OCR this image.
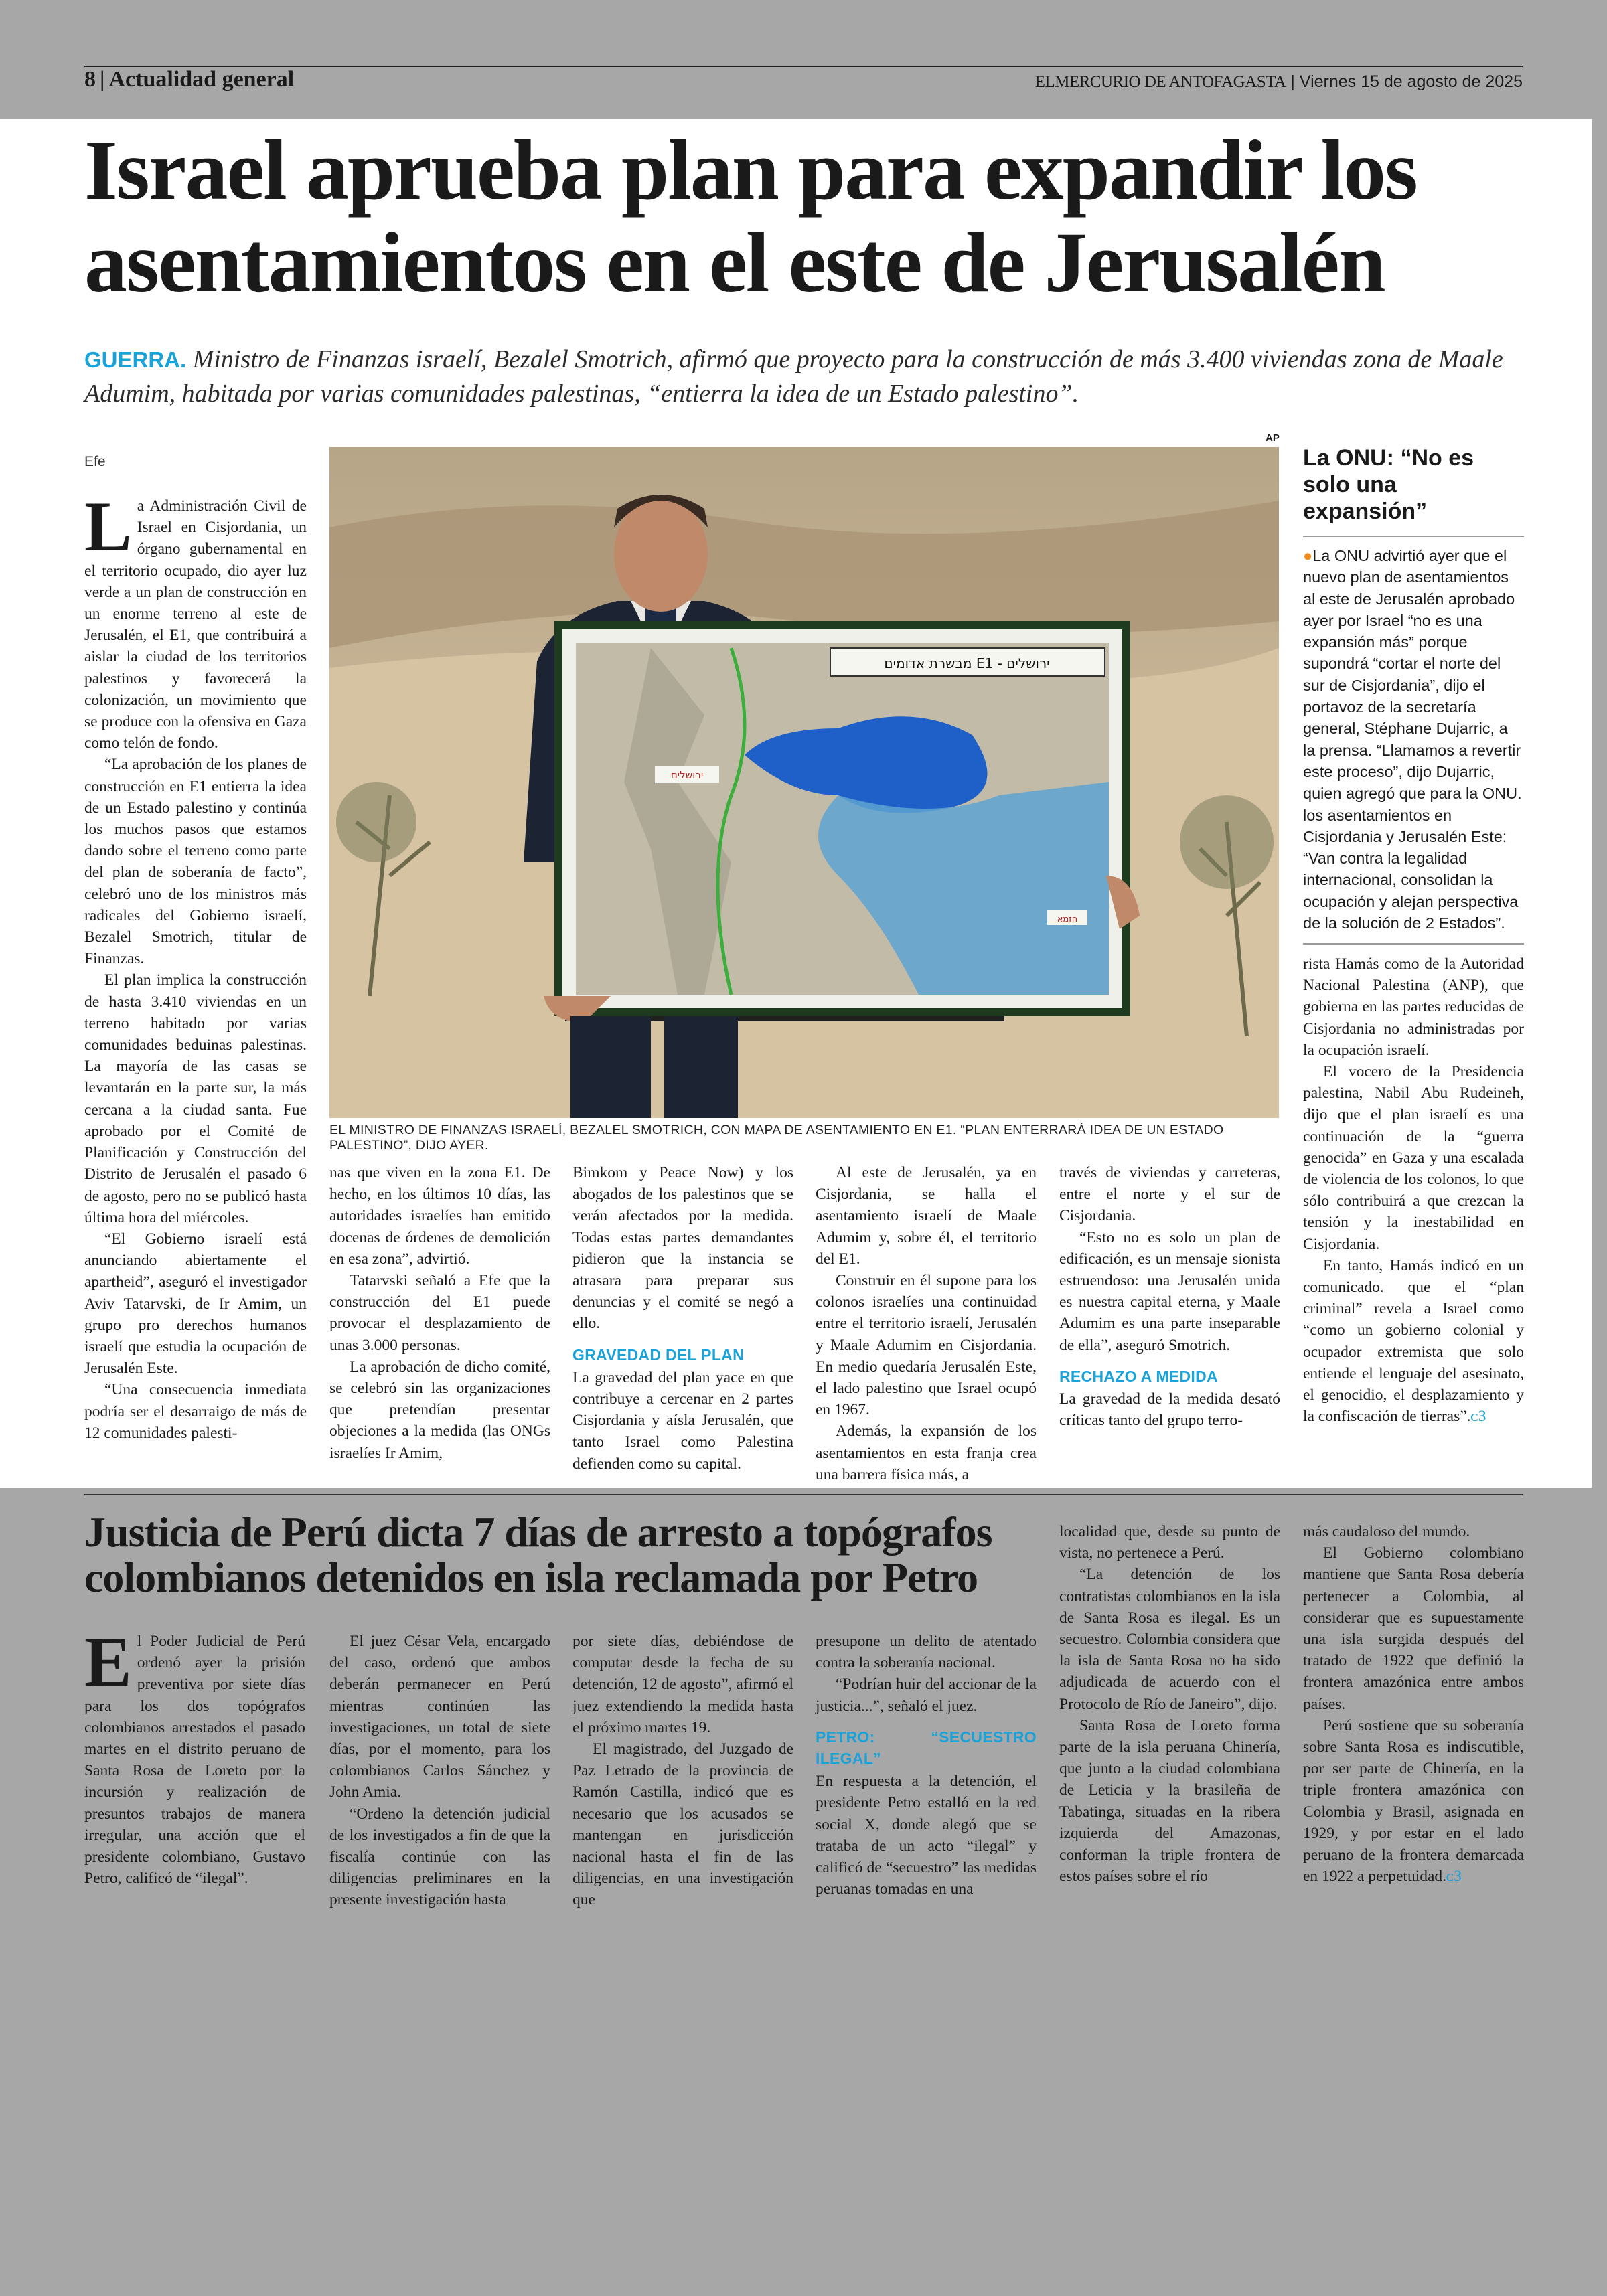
8 | Actualidad general	ELMERCURIO DE ANTOFAGASTA | Viernes 15 de agosto de 2025
Israel aprueba plan para expandir los
asentamientos en el este de Jerusalén
GUERRA. Ministro de Finanzas israelí, Bezalel Smotrich, afirmó que proyecto para la construcción de más 3.400 viviendas zona de Maale Adumim, habitada por varias comunidades palestinas, “entierra la idea de un Estado palestino”.
Efe

La Administración Civil de Israel en Cisjordania, un órgano gubernamental en el territorio ocupado, dio ayer luz verde a un plan de construcción en un enorme terreno al este de Jerusalén, el E1, que contribuirá a aislar la ciudad de los territorios palestinos y favorecerá la colonización, un movimiento que se produce con la ofensiva en Gaza como telón de fondo.

“La aprobación de los planes de construcción en E1 entierra la idea de un Estado palestino y continúa los muchos pasos que estamos dando sobre el terreno como parte del plan de soberanía de facto”, celebró uno de los ministros más radicales del Gobierno israelí, Bezalel Smotrich, titular de Finanzas.

El plan implica la construcción de hasta 3.410 viviendas en un terreno habitado por varias comunidades beduinas palestinas. La mayoría de las casas se levantarán en la parte sur, la más cercana a la ciudad santa. Fue aprobado por el Comité de Planificación y Construcción del Distrito de Jerusalén el pasado 6 de agosto, pero no se publicó hasta última hora del miércoles.

“El Gobierno israelí está anunciando abiertamente el apartheid”, aseguró el investigador Aviv Tatarvski, de Ir Amim, un grupo pro derechos humanos israelí que estudia la ocupación de Jerusalén Este.

“Una consecuencia inmediata podría ser el desarraigo de más de 12 comunidades palesti-

מבשרת אדומים E1 - ירושלים
ירושלים
חזמא
AP
EL MINISTRO DE FINANZAS ISRAELÍ, BEZALEL SMOTRICH, CON MAPA DE ASENTAMIENTO EN E1. “PLAN ENTERRARÁ IDEA DE UN ESTADO PALESTINO”, DIJO AYER.
La ONU: “No es solo una expansión”
●La ONU advirtió ayer que el nuevo plan de asentamientos al este de Jerusalén aprobado ayer por Israel “no es una expansión más” porque supondrá “cortar el norte del sur de Cisjordania”, dijo el portavoz de la secretaría general, Stéphane Dujarric, a la prensa. “Llamamos a revertir este proceso”, dijo Dujarric, quien agregó que para la ONU. los asentamientos en Cisjordania y Jerusalén Este: “Van contra la legalidad internacional, consolidan la ocupación y alejan perspectiva de la solución de 2 Estados”.

nas que viven en la zona E1. De hecho, en los últimos 10 días, las autoridades israelíes han emitido docenas de órdenes de demolición en esa zona”, advirtió.

Tatarvski señaló a Efe que la construcción del E1 puede provocar el desplazamiento de unas 3.000 personas.

La aprobación de dicho comité, se celebró sin las organizaciones que pretendían presentar objeciones a la medida (las ONGs israelíes Ir Amim,

Bimkom y Peace Now) y los abogados de los palestinos que se verán afectados por la medida. Todas estas partes demandantes pidieron que la instancia se atrasara para preparar sus denuncias y el comité se negó a ello.

GRAVEDAD DEL PLAN

La gravedad del plan yace en que contribuye a cercenar en 2 partes Cisjordania y aísla Jerusalén, que tanto Israel como Palestina defienden como su capital.

Al este de Jerusalén, ya en Cisjordania, se halla el asentamiento israelí de Maale Adumim y, sobre él, el territorio del E1.

Construir en él supone para los colonos israelíes una continuidad entre el territorio israelí, Jerusalén y Maale Adumim en Cisjordania. En medio quedaría Jerusalén Este, el lado palestino que Israel ocupó en 1967.

Además, la expansión de los asentamientos en esta franja crea una barrera física más, a

través de viviendas y carreteras, entre el norte y el sur de Cisjordania.

“Esto no es solo un plan de edificación, es un mensaje sionista estruendoso: una Jerusalén unida es nuestra capital eterna, y Maale Adumim es una parte inseparable de ella”, aseguró Smotrich.

RECHAZO A MEDIDA

La gravedad de la medida desató críticas tanto del grupo terro-

rista Hamás como de la Autoridad Nacional Palestina (ANP), que gobierna en las partes reducidas de Cisjordania no administradas por la ocupación israelí.

El vocero de la Presidencia palestina, Nabil Abu Rudeineh, dijo que el plan israelí es una continuación de la “guerra genocida” en Gaza y una escalada de violencia de los colonos, lo que sólo contribuirá a que crezcan la tensión y la inestabilidad en Cisjordania.

En tanto, Hamás indicó en un comunicado. que el “plan criminal” revela a Israel como “como un gobierno colonial y ocupador extremista que solo entiende el lenguaje del asesinato, el genocidio, el desplazamiento y la confiscación de tierras”.ᴄЗ

Justicia de Perú dicta 7 días de arresto a topógrafos
colombianos detenidos en isla reclamada por Petro

El Poder Judicial de Perú ordenó ayer la prisión preventiva por siete días para los dos topógrafos colombianos arrestados el pasado martes en el distrito peruano de Santa Rosa de Loreto por la incursión y realización de presuntos trabajos de manera irregular, una acción que el presidente colombiano, Gustavo Petro, calificó de “ilegal”.

El juez César Vela, encargado del caso, ordenó que ambos deberán permanecer en Perú mientras continúen las investigaciones, un total de siete días, por el momento, para los colombianos Carlos Sánchez y John Amia.

“Ordeno la detención judicial de los investigados a fin de que la fiscalía continúe con las diligencias preliminares en la presente investigación hasta

por siete días, debiéndose de computar desde la fecha de su detención, 12 de agosto”, afirmó el juez extendiendo la medida hasta el próximo martes 19.

El magistrado, del Juzgado de Paz Letrado de la provincia de Ramón Castilla, indicó que es necesario que los acusados se mantengan en jurisdicción nacional hasta el fin de las diligencias, en una investigación que

presupone un delito de atentado contra la soberanía nacional.

“Podrían huir del accionar de la justicia...”, señaló el juez.

PETRO: “SECUESTRO ILEGAL”

En respuesta a la detención, el presidente Petro estalló en la red social X, donde alegó que se trataba de un acto “ilegal” y calificó de “secuestro” las medidas peruanas tomadas en una

localidad que, desde su punto de vista, no pertenece a Perú.

“La detención de los contratistas colombianos en la isla de Santa Rosa es ilegal. Es un secuestro. Colombia considera que la isla de Santa Rosa no ha sido adjudicada de acuerdo con el Protocolo de Río de Janeiro”, dijo.

Santa Rosa de Loreto forma parte de la isla peruana Chinería, que junto a la ciudad colombiana de Leticia y la brasileña de Tabatinga, situadas en la ribera izquierda del Amazonas, conforman la triple frontera de estos países sobre el río

más caudaloso del mundo.

El Gobierno colombiano mantiene que Santa Rosa debería pertenecer a Colombia, al considerar que es supuestamente una isla surgida después del tratado de 1922 que definió la frontera amazónica entre ambos países.

Perú sostiene que su soberanía sobre Santa Rosa es indiscutible, por ser parte de Chinería, en la triple frontera amazónica con Colombia y Brasil, asignada en 1929, y por estar en el lado peruano de la frontera demarcada en 1922 a perpetuidad.ᴄЗ
